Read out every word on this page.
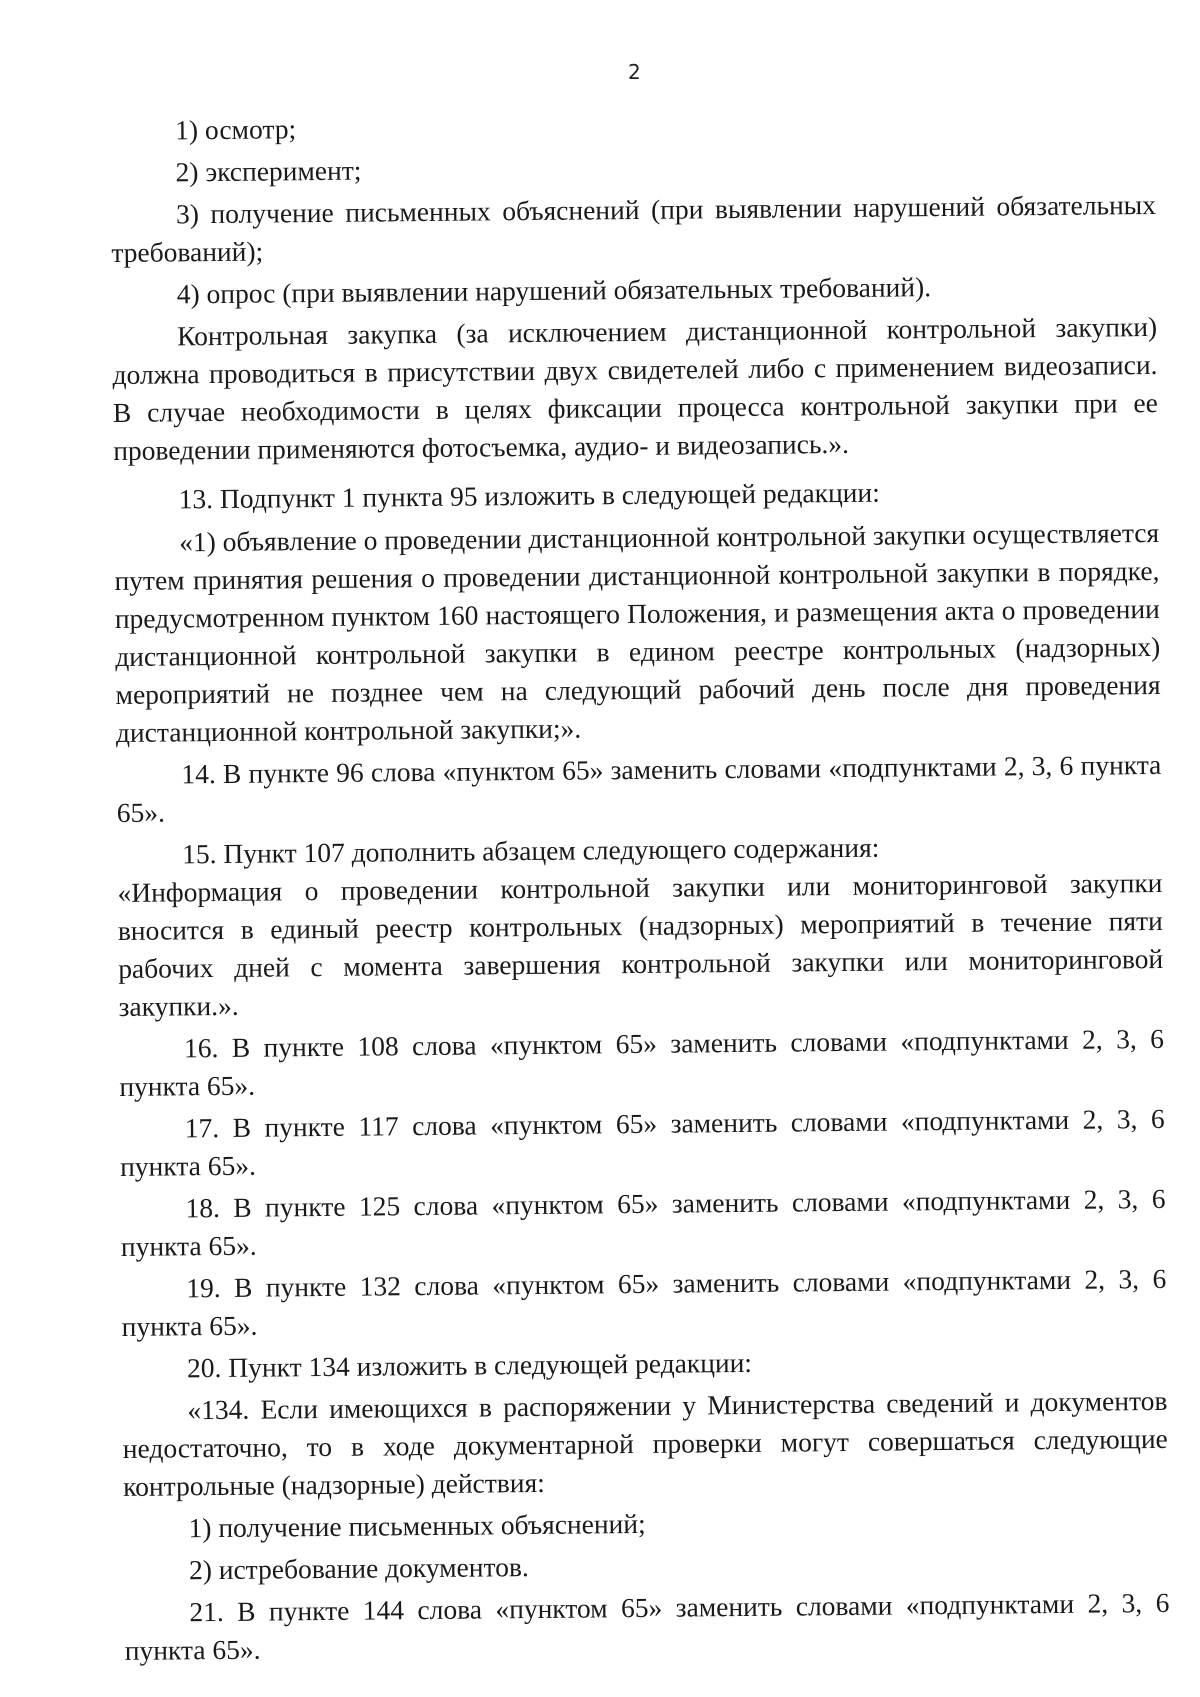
2

1) осмотр;

2) эксперимент;

3) получение письменных объяснений (при выявлении нарушений обязательных требований);

4) опрос (при выявлении нарушений обязательных требований).

Контрольная закупка (за исключением дистанционной контрольной закупки) должна проводиться в присутствии двух свидетелей либо с применением видеозаписи. В случае необходимости в целях фиксации процесса контрольной закупки при ее проведении применяются фотосъемка, аудио- и видеозапись.».

13. Подпункт 1 пункта 95 изложить в следующей редакции:

«1) объявление о проведении дистанционной контрольной закупки осуществляется путем принятия решения о проведении дистанционной контрольной закупки в порядке, предусмотренном пунктом 160 настоящего Положения, и размещения акта о проведении дистанционной контрольной закупки в едином реестре контрольных (надзорных) мероприятий не позднее чем на следующий рабочий день после дня проведения дистанционной контрольной закупки;».

14. В пункте 96 слова «пунктом 65» заменить словами «подпунктами 2, 3, 6 пункта 65».

15. Пункт 107 дополнить абзацем следующего содержания:

«Информация о проведении контрольной закупки или мониторинговой закупки вносится в единый реестр контрольных (надзорных) мероприятий в течение пяти рабочих дней с момента завершения контрольной закупки или мониторинговой закупки.».

16. В пункте 108 слова «пунктом 65» заменить словами «подпунктами 2, 3, 6 пункта 65».

17. В пункте 117 слова «пунктом 65» заменить словами «подпунктами 2, 3, 6 пункта 65».

18. В пункте 125 слова «пунктом 65» заменить словами «подпунктами 2, 3, 6 пункта 65».

19. В пункте 132 слова «пунктом 65» заменить словами «подпунктами 2, 3, 6 пункта 65».

20. Пункт 134 изложить в следующей редакции:

«134. Если имеющихся в распоряжении у Министерства сведений и документов недостаточно, то в ходе документарной проверки могут совершаться следующие контрольные (надзорные) действия:

1) получение письменных объяснений;

2) истребование документов.

21. В пункте 144 слова «пунктом 65» заменить словами «подпунктами 2, 3, 6 пункта 65».
